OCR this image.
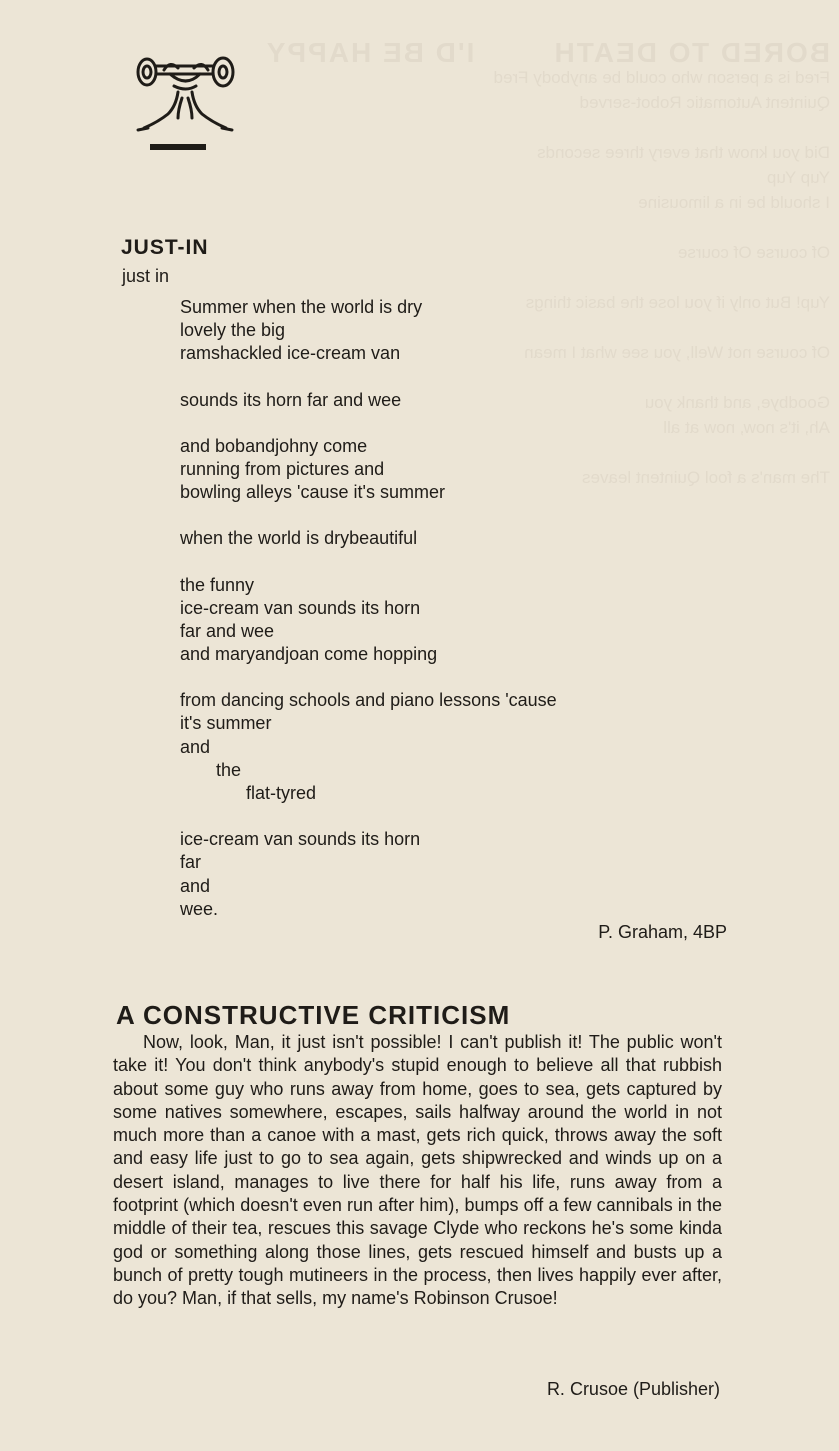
BORED TO DEATH        I'D BE HAPPY
Fred is a person who could be anybody Fred
Quintent Automatic Robot-served

Did you know that every three seconds
Yup Yup
I should be in a limousine

Of course Of course

Yup! But only if you lose the basic things

Of course not Well, you see what I mean

Goodbye, and thank you
Ah, it's now, now at all

The man's a fool Quintent leaves
JUST-IN
just in
Summer when the world is dry
lovely the big
ramshackled ice-cream van
sounds its horn far and wee
and bobandjohny come
running from pictures and
bowling alleys 'cause it's summer
when the world is drybeautiful
the funny
ice-cream van sounds its horn
far and wee
and maryandjoan come hopping
from dancing schools and piano lessons 'cause
it's summer
and
the
flat-tyred
ice-cream van sounds its horn
far
and
wee.
P. Graham, 4BP
A CONSTRUCTIVE CRITICISM

Now, look, Man, it just isn't possible! I can't publish it! The public won't take it! You don't think anybody's stupid enough to believe all that rubbish about some guy who runs away from home, goes to sea, gets captured by some natives somewhere, escapes, sails halfway around the world in not much more than a canoe with a mast, gets rich quick, throws away the soft and easy life just to go to sea again, gets shipwrecked and winds up on a desert island, manages to live there for half his life, runs away from a footprint (which doesn't even run after him), bumps off a few cannibals in the middle of their tea, rescues this savage Clyde who reckons he's some kinda god or something along those lines, gets rescued himself and busts up a bunch of pretty tough mutineers in the process, then lives happily ever after, do you? Man, if that sells, my name's Robinson Crusoe!

R. Crusoe (Publisher)
